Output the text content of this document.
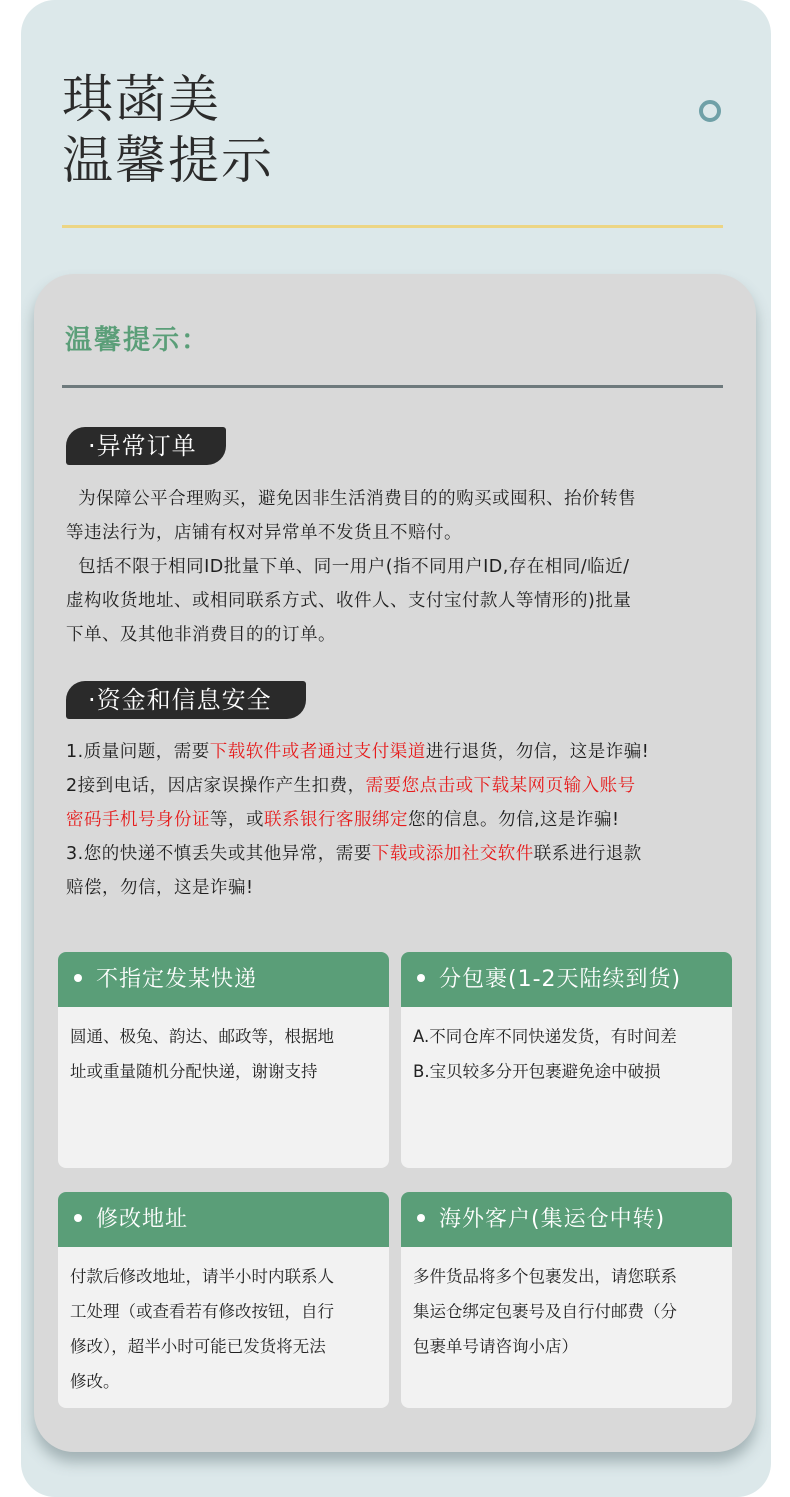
琪菡美
温馨提示
温馨提示：
·异常订单

为保障公平合理购买，避免因非生活消费目的的购买或囤积、抬价转售

等违法行为，店铺有权对异常单不发货且不赔付。

包括不限于相同ID批量下单、同一用户(指不同用户ID,存在相同/临近/

虚构收货地址、或相同联系方式、收件人、支付宝付款人等情形的)批量

下单、及其他非消费目的的订单。

·资金和信息安全

1.质量问题，需要下载软件或者通过支付渠道进行退货，勿信，这是诈骗!

2接到电话，因店家误操作产生扣费，需要您点击或下载某网页输入账号

密码手机号身份证等，或联系银行客服绑定您的信息。勿信,这是诈骗!

3.您的快递不慎丢失或其他异常，需要下载或添加社交软件联系进行退款

赔偿，勿信，这是诈骗!

不指定发某快递

圆通、极兔、韵达、邮政等，根据地

址或重量随机分配快递，谢谢支持

分包裹(1-2天陆续到货)

A.不同仓库不同快递发货，有时间差

B.宝贝较多分开包裹避免途中破损

修改地址

付款后修改地址，请半小时内联系人

工处理（或查看若有修改按钮，自行

修改），超半小时可能已发货将无法

修改。

海外客户(集运仓中转)

多件货品将多个包裹发出，请您联系

集运仓绑定包裹号及自行付邮费（分

包裹单号请咨询小店）
